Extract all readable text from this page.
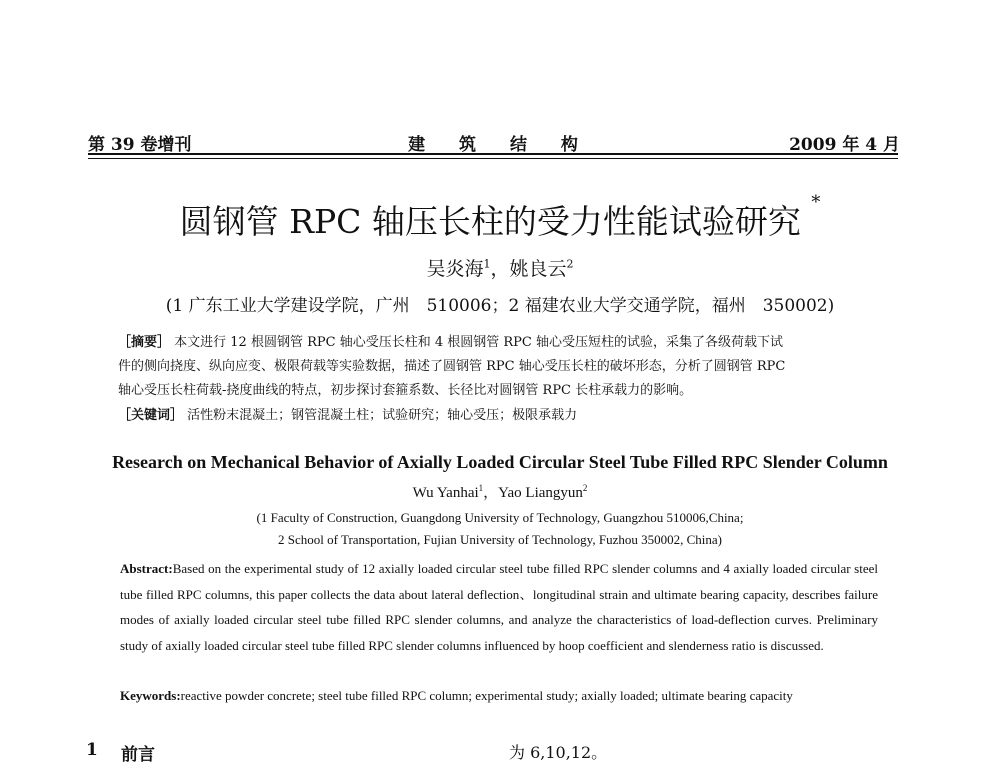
第 39 卷增刊	建 筑 结 构	2009 年 4 月
圆钢管 RPC 轴压长柱的受力性能试验研究 *
吴炎海$^1$，姚良云$^2$
(1 广东工业大学建设学院，广州　510006；2 福建农业大学交通学院，福州　350002)
［摘要］ 本文进行 12 根圆钢管 RPC 轴心受压长柱和 4 根圆钢管 RPC 轴心受压短柱的试验，采集了各级荷载下试
件的侧向挠度、纵向应变、极限荷载等实验数据，描述了圆钢管 RPC 轴心受压长柱的破坏形态，分析了圆钢管 RPC
轴心受压长柱荷载-挠度曲线的特点，初步探讨套箍系数、长径比对圆钢管 RPC 长柱承载力的影响。
［关键词］ 活性粉末混凝土；钢管混凝土柱；试验研究；轴心受压；极限承载力
Research on Mechanical Behavior of Axially Loaded Circular Steel Tube Filled RPC Slender Column
Wu Yanhai$^1$，Yao Liangyun$^2$
(1 Faculty of Construction, Guangdong University of Technology, Guangzhou 510006,China;
2 School of Transportation, Fujian University of Technology, Fuzhou 350002, China)
Abstract:Based on the experimental study of 12 axially loaded circular steel tube filled RPC slender columns and 4 axially loaded circular steel tube filled RPC columns, this paper collects the data about lateral deflection、longitudinal strain and ultimate bearing capacity, describes failure modes of axially loaded circular steel tube filled RPC slender columns, and analyze the characteristics of load-deflection curves. Preliminary study of axially loaded circular steel tube filled RPC slender columns influenced by hoop coefficient and slenderness ratio is discussed.
Keywords:reactive powder concrete; steel tube filled RPC column; experimental study; axially loaded; ultimate bearing capacity
1 前言	为 6,10,12。
